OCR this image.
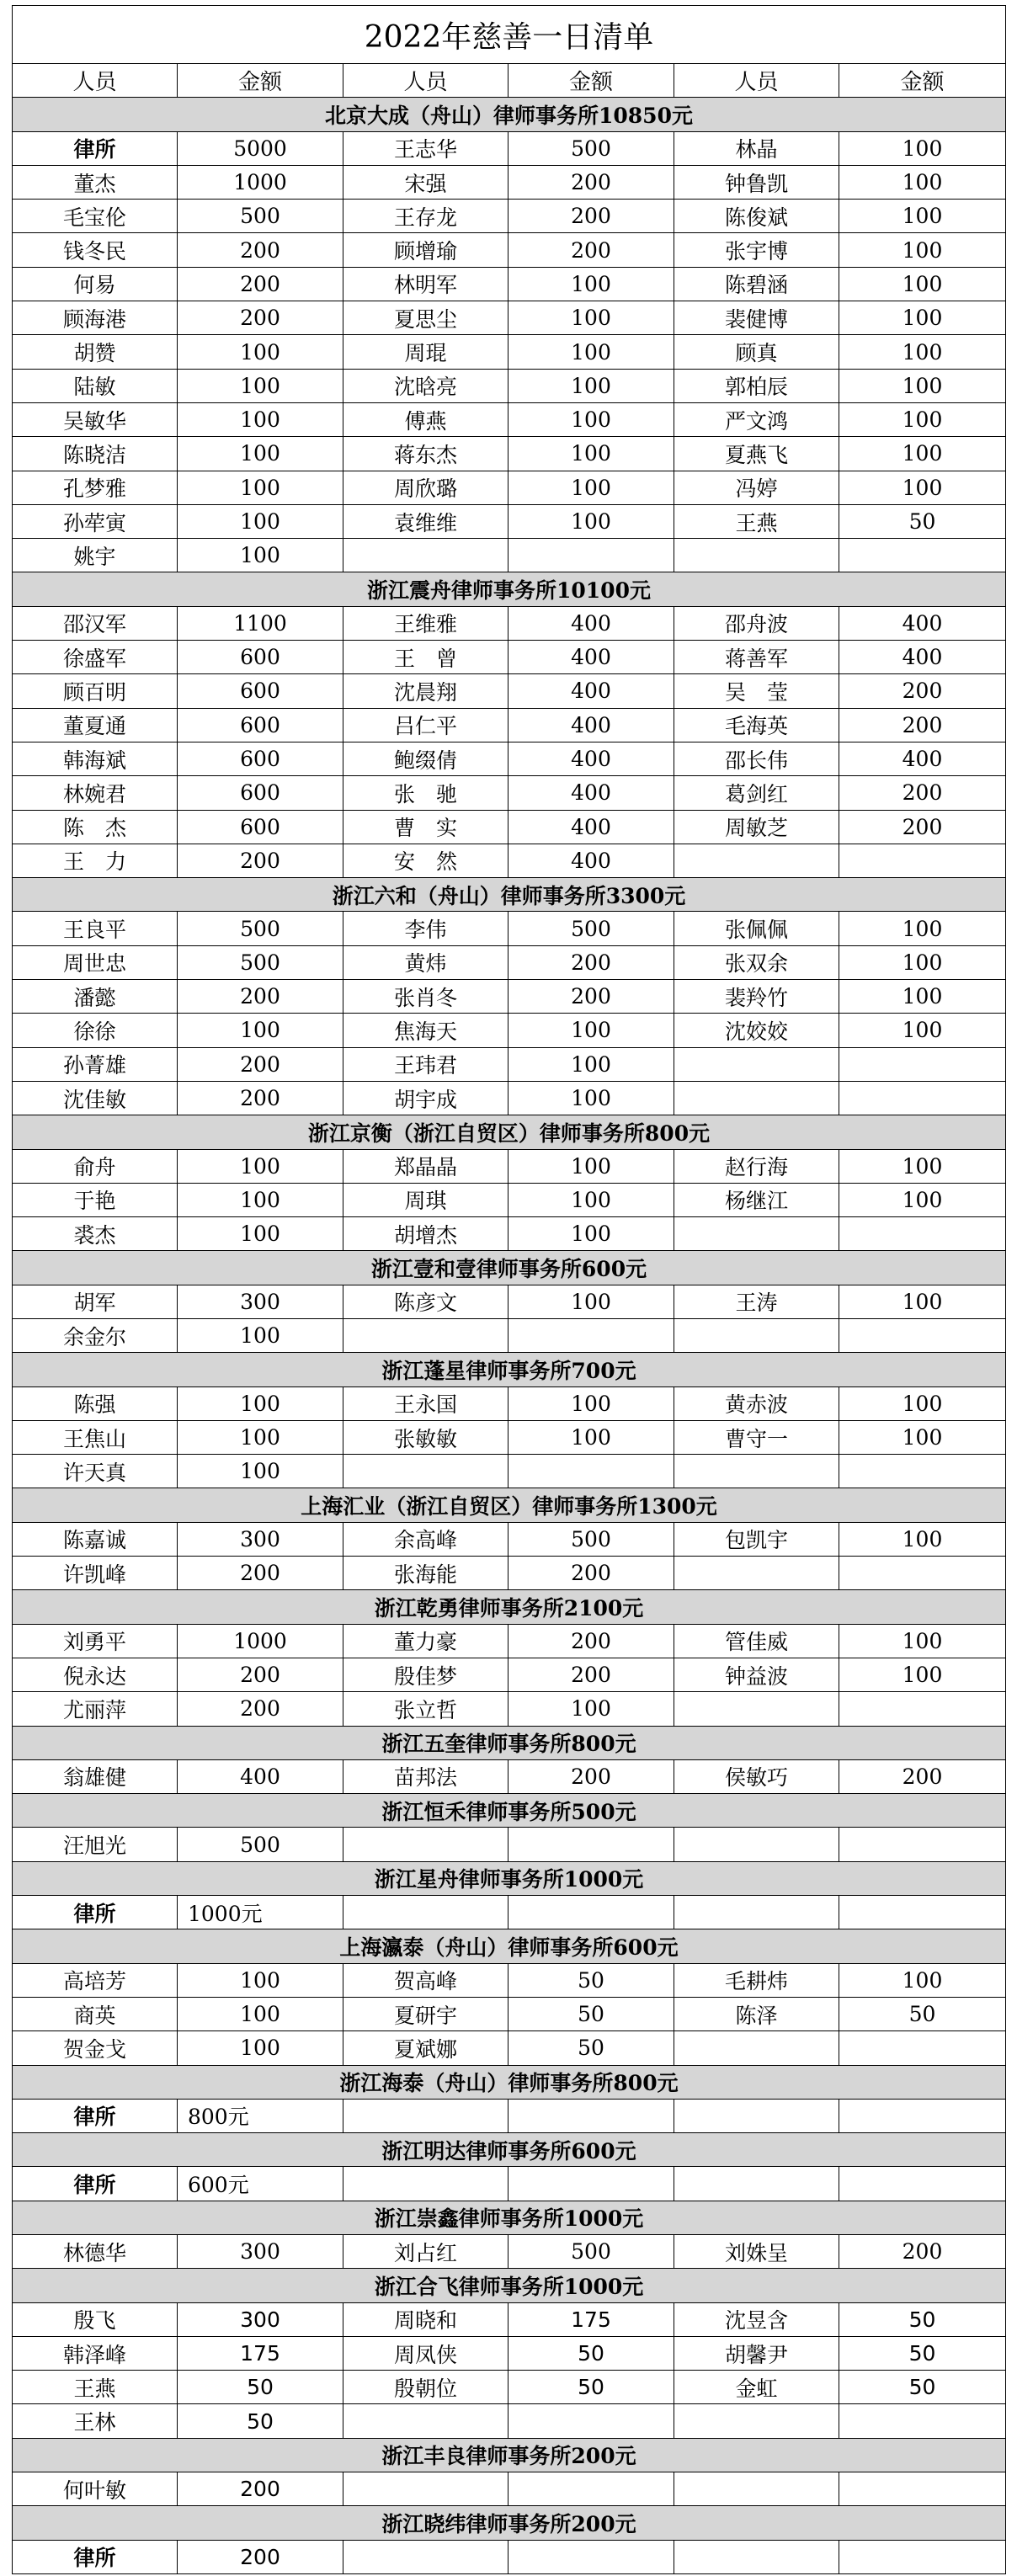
2022年慈善一日清单					
人员	金额	人员	金额	人员	金额
北京大成（舟山）律师事务所10850元					
律所	5000	王志华	500	林晶	100
董杰	1000	宋强	200	钟鲁凯	100
毛宝伦	500	王存龙	200	陈俊斌	100
钱冬民	200	顾增瑜	200	张宇博	100
何易	200	林明军	100	陈碧涵	100
顾海港	200	夏思尘	100	裴健博	100
胡赞	100	周琨	100	顾真	100
陆敏	100	沈晗亮	100	郭柏辰	100
吴敏华	100	傅燕	100	严文鸿	100
陈晓洁	100	蒋东杰	100	夏燕飞	100
孔梦雅	100	周欣璐	100	冯婷	100
孙荦寅	100	袁维维	100	王燕	50
姚宇	100				
浙江震舟律师事务所10100元					
邵汉军	1100	王维雅	400	邵舟波	400
徐盛军	600	王　曾	400	蒋善军	400
顾百明	600	沈晨翔	400	吴　莹	200
董夏通	600	吕仁平	400	毛海英	200
韩海斌	600	鲍缀倩	400	邵长伟	400
林婉君	600	张　驰	400	葛剑红	200
陈　杰	600	曹　实	400	周敏芝	200
王　力	200	安　然	400		
浙江六和（舟山）律师事务所3300元					
王良平	500	李伟	500	张佩佩	100
周世忠	500	黄炜	200	张双余	100
潘懿	200	张肖冬	200	裴羚竹	100
徐徐	100	焦海天	100	沈姣姣	100
孙菁雄	200	王玮君	100		
沈佳敏	200	胡宇成	100		
浙江京衡（浙江自贸区）律师事务所800元					
俞舟	100	郑晶晶	100	赵行海	100
于艳	100	周琪	100	杨继江	100
裘杰	100	胡增杰	100		
浙江壹和壹律师事务所600元					
胡军	300	陈彦文	100	王涛	100
余金尔	100				
浙江蓬星律师事务所700元					
陈强	100	王永国	100	黄赤波	100
王焦山	100	张敏敏	100	曹守一	100
许天真	100				
上海汇业（浙江自贸区）律师事务所1300元					
陈嘉诚	300	余高峰	500	包凯宇	100
许凯峰	200	张海能	200		
浙江乾勇律师事务所2100元					
刘勇平	1000	董力豪	200	管佳威	100
倪永达	200	殷佳梦	200	钟益波	100
尤丽萍	200	张立哲	100		
浙江五奎律师事务所800元					
翁雄健	400	苗邦法	200	侯敏巧	200
浙江恒禾律师事务所500元					
汪旭光	500				
浙江星舟律师事务所1000元					
律所	1000元				
上海瀛泰（舟山）律师事务所600元					
高培芳	100	贺高峰	50	毛耕炜	100
商英	100	夏研宇	50	陈泽	50
贺金戈	100	夏斌娜	50		
浙江海泰（舟山）律师事务所800元					
律所	800元				
浙江明达律师事务所600元					
律所	600元				
浙江崇鑫律师事务所1000元					
林德华	300	刘占红	500	刘姝呈	200
浙江合飞律师事务所1000元					
殷飞	300	周晓和	175	沈昱含	50
韩泽峰	175	周凤侠	50	胡馨尹	50
王燕	50	殷朝位	50	金虹	50
王林	50				
浙江丰良律师事务所200元					
何叶敏	200				
浙江晓纬律师事务所200元					
律所	200				
